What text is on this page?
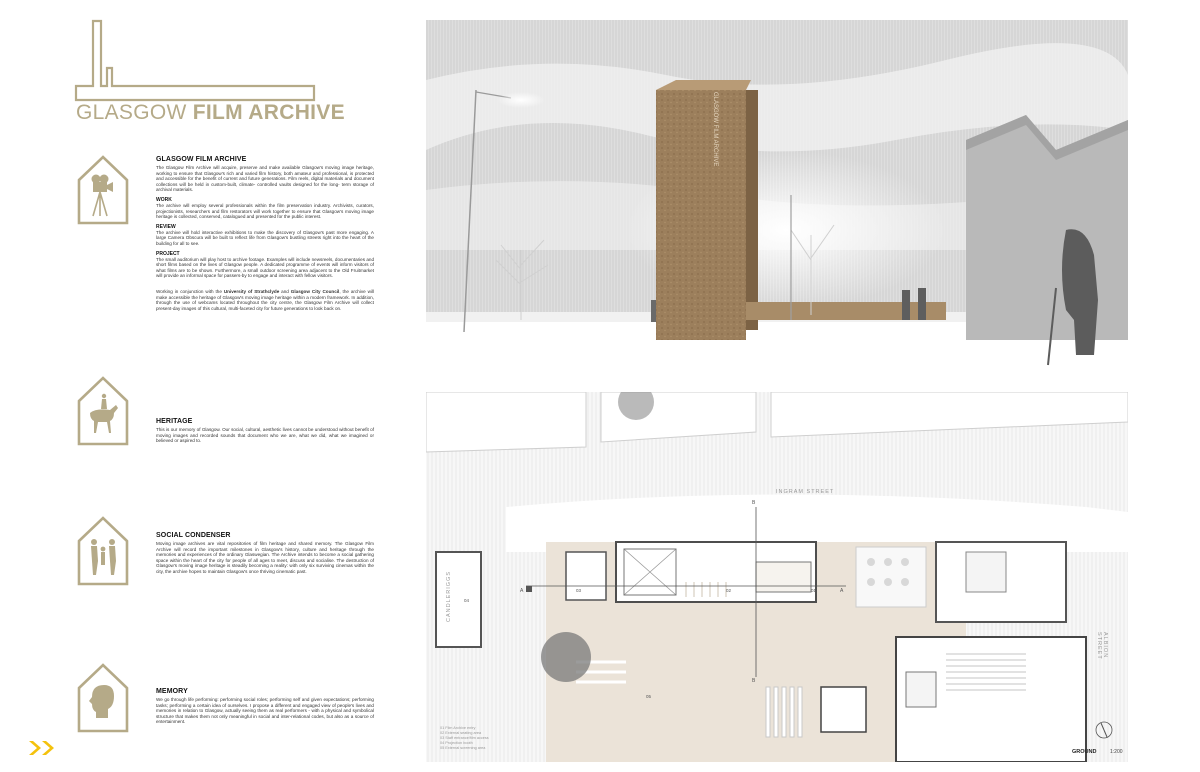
GLASGOW FILM ARCHIVE
GLASGOW FILM ARCHIVE

The Glasgow Film Archive will acquire, preserve and make available Glasgow's moving image heritage, working to ensure that Glasgow's rich and varied film history, both amateur and professional, is protected and accessible for the benefit of current and future generations. Film reels, digital materials and document collections will be held in custom-built, climate- controlled vaults designed for the long- term storage of archival materials.

WORK

The archive will employ several professionals within the film preservation industry. Archivists, curators, projectionists, researchers and film restorators will work together to ensure that Glasgow's moving image heritage is collected, conserved, catalogued and presented for the public interest.

REVIEW

The archive will hold interactive exhibitions to make the discovery of Glasgow's past more engaging. A large Camera Obscura will be built to reflect life from Glasgow's bustling streets right into the heart of the building for all to see.

PROJECT

The small auditorium will play host to archive footage. Examples will include newsreels, documentaries and short films based on the lives of Glasgow people. A dedicated programme of events will inform visitors of what films are to be shown. Furthermore, a small outdoor screening area adjacent to the Old Fruitmarket will provide an informal space for passers-by to engage and interact with fellow visitors.

Working in conjunction with the University of Strathclyde and Glasgow City Council, the archive will make accessible the heritage of Glasgow's moving image heritage within a modern framework. In addition, through the use of webcams located throughout the city centre, the Glasgow Film Archive will collect present-day images of this cultural, multi-faceted city for future generations to look back on.

HERITAGE

This is our memory of Glasgow. Our social, cultural, aesthetic lives cannot be understood without benefit of moving images and recorded sounds that document who we are, what we did, what we imagined or believed or aspired to.

SOCIAL CONDENSER

Moving image archives are vital repositories of film heritage and shared memory. The Glasgow Film Archive will record the important milestones in Glasgow's history, culture and heritage through the memories and experiences of the ordinary Glaswegian. The Archive intends to become a social gathering space within the heart of the city for people of all ages to meet, discuss and socialise. The destruction of Glasgow's moving image heritage is steadily becoming a reality: with only six surviving cinemas within the city, the archive hopes to maintain Glasgow's once thriving cinematic past.

MEMORY

We go through life performing: performing social roles; performing self and given expectations; performing tasks; performing a certain idea of ourselves. I propose a different and engaged view of people's lives and memories in relation to Glasgow, actually seeing them as real performers - with a physical and symbolical structure that makes them not only meaningful in social and inter-relational codes, but also as a source of entertainment.

GLASGOW FILM ARCHIVE
INGRAM STREET
CANDLERIGGS
ALBION STREET
A	A
B
B
01
02
03
04
05
01 Film Archive entry
02 External seating area
03 Staff entrance/film access
04 Projection booth
05 External screening area
GROUND	1:200
